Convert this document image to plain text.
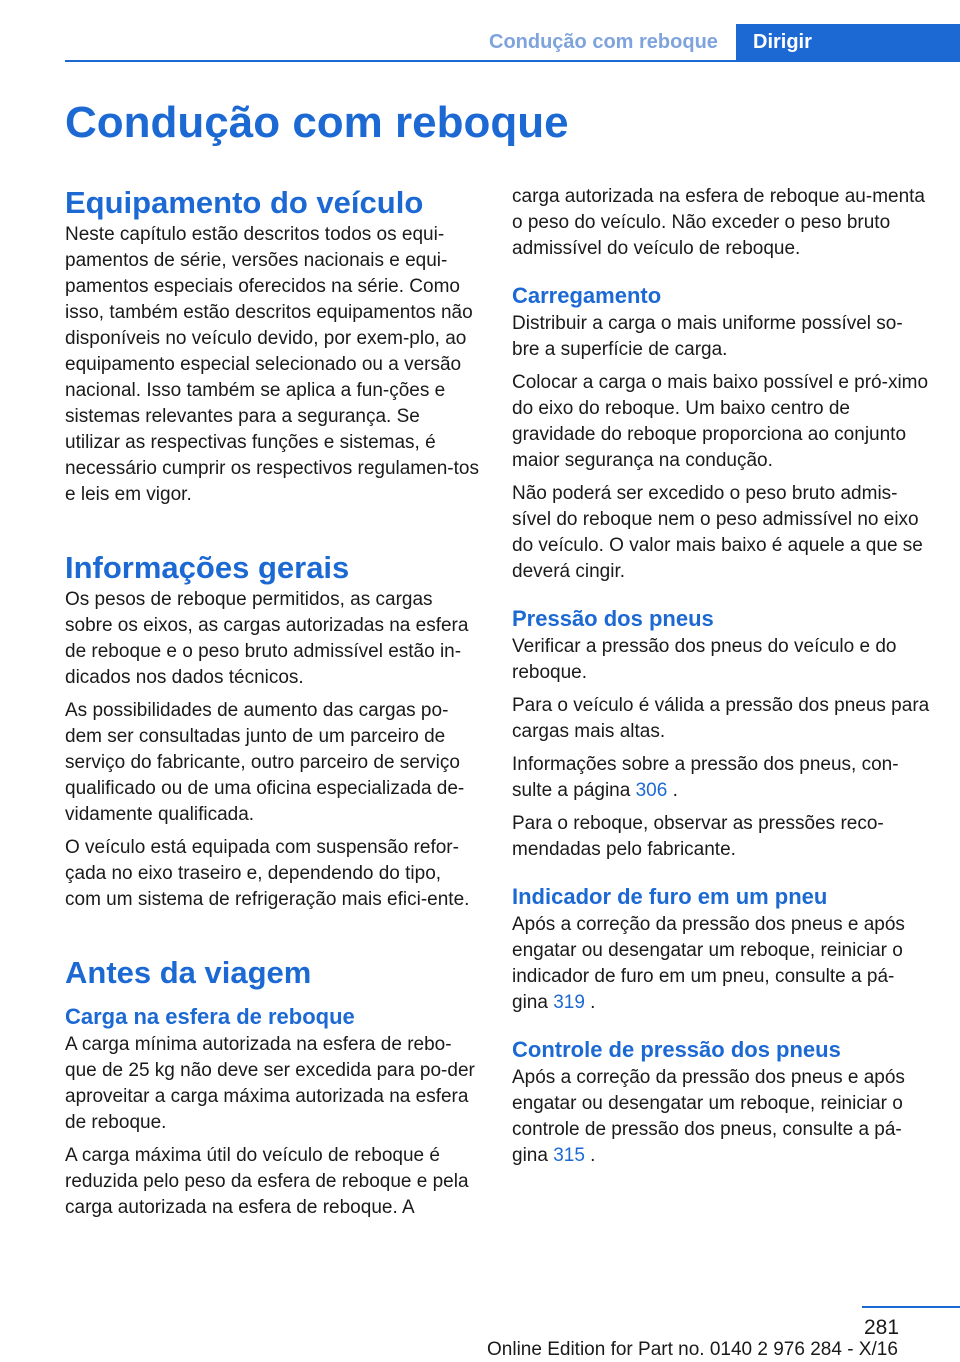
Condução com reboque	Dirigir
Condução com reboque
Equipamento do veículo

Neste capítulo estão descritos todos os equi-pamentos de série, versões nacionais e equi-pamentos especiais oferecidos na série. Como isso, também estão descritos equipamentos não disponíveis no veículo devido, por exem-plo, ao equipamento especial selecionado ou a versão nacional. Isso também se aplica a fun-ções e sistemas relevantes para a segurança. Se utilizar as respectivas funções e sistemas, é necessário cumprir os respectivos regulamen-tos e leis em vigor.

Informações gerais

Os pesos de reboque permitidos, as cargas sobre os eixos, as cargas autorizadas na esfera de reboque e o peso bruto admissível estão in-dicados nos dados técnicos.

As possibilidades de aumento das cargas po-dem ser consultadas junto de um parceiro de serviço do fabricante, outro parceiro de serviço qualificado ou de uma oficina especializada de-vidamente qualificada.

O veículo está equipada com suspensão refor-çada no eixo traseiro e, dependendo do tipo, com um sistema de refrigeração mais efici-ente.

Antes da viagem
Carga na esfera de reboque

A carga mínima autorizada na esfera de rebo-que de 25 kg não deve ser excedida para po-der aproveitar a carga máxima autorizada na esfera de reboque.

A carga máxima útil do veículo de reboque é reduzida pelo peso da esfera de reboque e pela carga autorizada na esfera de reboque. A

carga autorizada na esfera de reboque au-menta o peso do veículo. Não exceder o peso bruto admissível do veículo de reboque.

Carregamento

Distribuir a carga o mais uniforme possível so-bre a superfície de carga.

Colocar a carga o mais baixo possível e pró-ximo do eixo do reboque. Um baixo centro de gravidade do reboque proporciona ao conjunto maior segurança na condução.

Não poderá ser excedido o peso bruto admis-sível do reboque nem o peso admissível no eixo do veículo. O valor mais baixo é aquele a que se deverá cingir.

Pressão dos pneus

Verificar a pressão dos pneus do veículo e do reboque.

Para o veículo é válida a pressão dos pneus para cargas mais altas.

Informações sobre a pressão dos pneus, con-sulte a página 306 .

Para o reboque, observar as pressões reco-mendadas pelo fabricante.

Indicador de furo em um pneu

Após a correção da pressão dos pneus e após engatar ou desengatar um reboque, reiniciar o indicador de furo em um pneu, consulte a pá-gina 319 .

Controle de pressão dos pneus

Após a correção da pressão dos pneus e após engatar ou desengatar um reboque, reiniciar o controle de pressão dos pneus, consulte a pá-gina 315 .

281
Online Edition for Part no. 0140 2 976 284 - X/16
